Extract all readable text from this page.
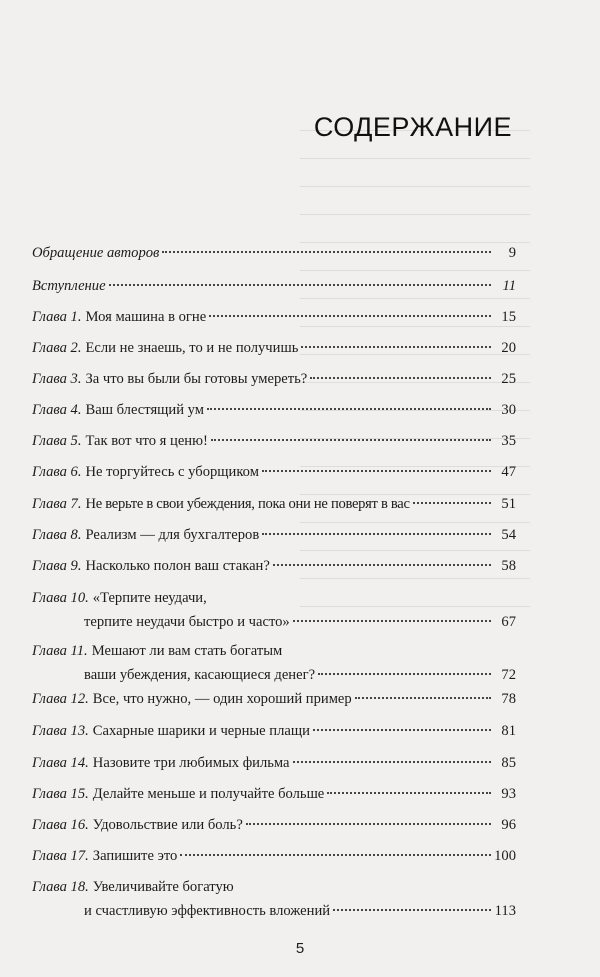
СОДЕРЖАНИЕ
Обращение авторов	9
Вступление	11
Глава 1. Моя машина в огне	15
Глава 2. Если не знаешь, то и не получишь	20
Глава 3. За что вы были бы готовы умереть?	25
Глава 4. Ваш блестящий ум	30
Глава 5. Так вот что я ценю!	35
Глава 6. Не торгуйтесь с уборщиком	47
Глава 7. Не верьте в свои убеждения, пока они не поверят в вас	51
Глава 8. Реализм — для бухгалтеров	54
Глава 9. Насколько полон ваш стакан?	58
Глава 10. «Терпите неудачи,
терпите неудачи быстро и часто»	67
Глава 11. Мешают ли вам стать богатым
ваши убеждения, касающиеся денег?	72
Глава 12. Все, что нужно, — один хороший пример	78
Глава 13. Сахарные шарики и черные плащи	81
Глава 14. Назовите три любимых фильма	85
Глава 15. Делайте меньше и получайте больше	93
Глава 16. Удовольствие или боль?	96
Глава 17. Запишите это	100
Глава 18. Увеличивайте богатую
и счастливую эффективность вложений	113
5
